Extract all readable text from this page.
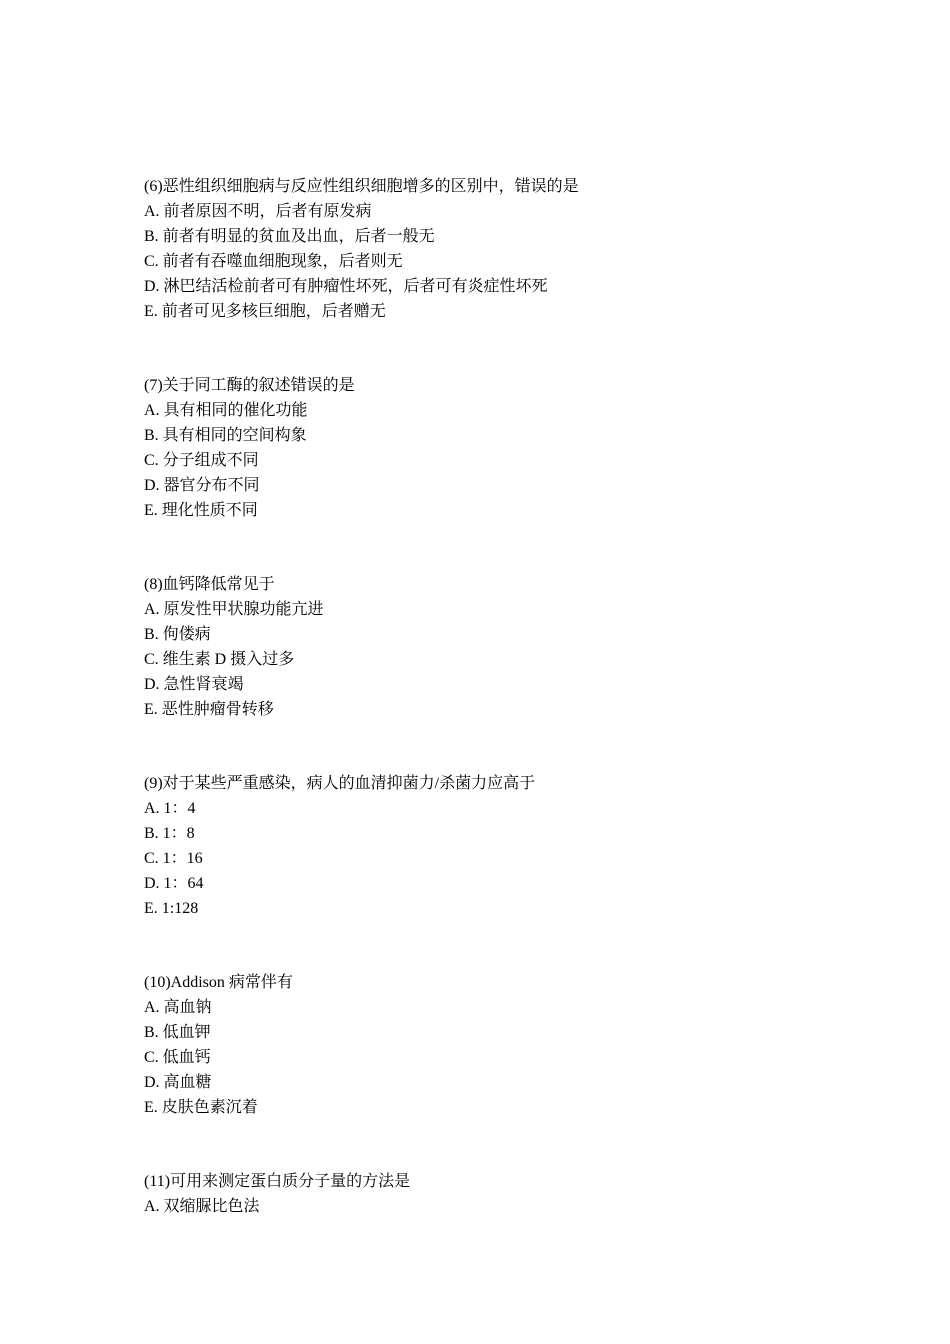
(6)恶性组织细胞病与反应性组织细胞增多的区别中，错误的是
A. 前者原因不明，后者有原发病
B. 前者有明显的贫血及出血，后者一般无
C. 前者有吞噬血细胞现象，后者则无
D. 淋巴结活检前者可有肿瘤性坏死，后者可有炎症性坏死
E. 前者可见多核巨细胞，后者赠无
(7)关于同工酶的叙述错误的是
A. 具有相同的催化功能
B. 具有相同的空间构象
C. 分子组成不同
D. 器官分布不同
E. 理化性质不同
(8)血钙降低常见于
A. 原发性甲状腺功能亢进
B. 佝偻病
C. 维生素 D 摄入过多
D. 急性肾衰竭
E. 恶性肿瘤骨转移
(9)对于某些严重感染，病人的血清抑菌力/杀菌力应高于
A. 1：4
B. 1：8
C. 1：16
D. 1：64
E. 1:128
(10)Addison 病常伴有
A. 高血钠
B. 低血钾
C. 低血钙
D. 高血糖
E. 皮肤色素沉着
(11)可用来测定蛋白质分子量的方法是
A. 双缩脲比色法
